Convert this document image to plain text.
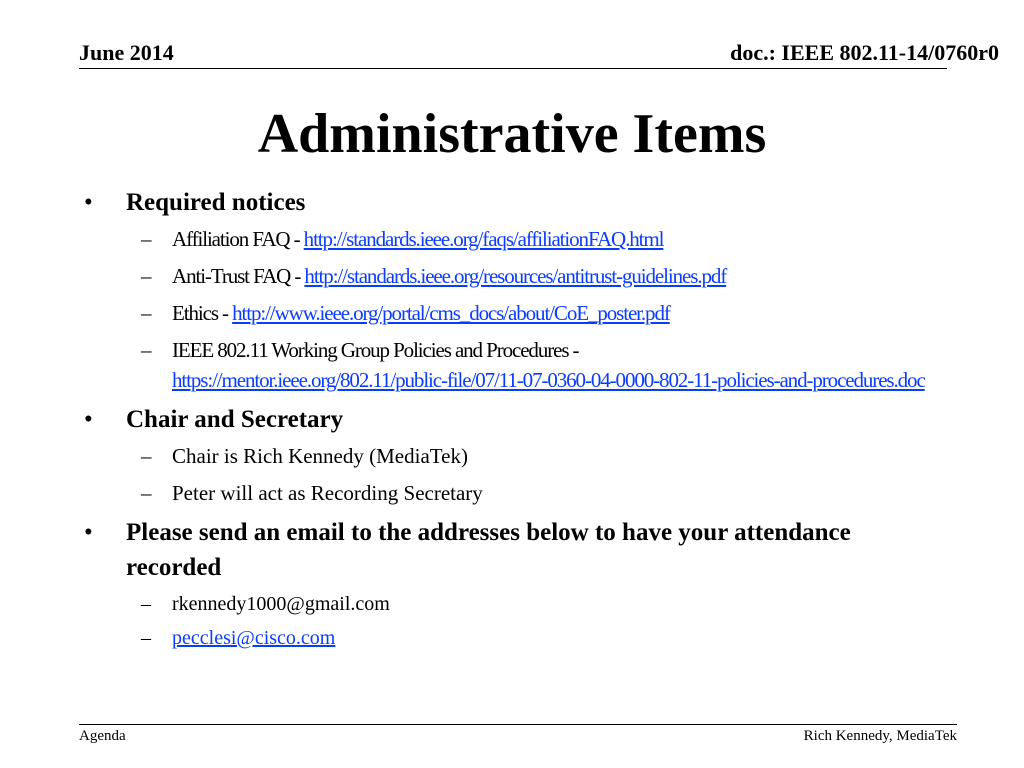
June 2014	doc.: IEEE 802.11-14/0760r0
Administrative Items
• Required notices
– Affiliation FAQ - http://standards.ieee.org/faqs/affiliationFAQ.html
– Anti-Trust FAQ - http://standards.ieee.org/resources/antitrust-guidelines.pdf
– Ethics - http://www.ieee.org/portal/cms_docs/about/CoE_poster.pdf
– IEEE 802.11 Working Group Policies and Procedures -
https://mentor.ieee.org/802.11/public-file/07/11-07-0360-04-0000-802-11-policies-and-procedures.doc
• Chair and Secretary
– Chair is Rich Kennedy (MediaTek)
– Peter will act as Recording Secretary
• Please send an email to the addresses below to have your attendance recorded
– rkennedy1000@gmail.com
– pecclesi@cisco.com
Agenda	Rich Kennedy, MediaTek
